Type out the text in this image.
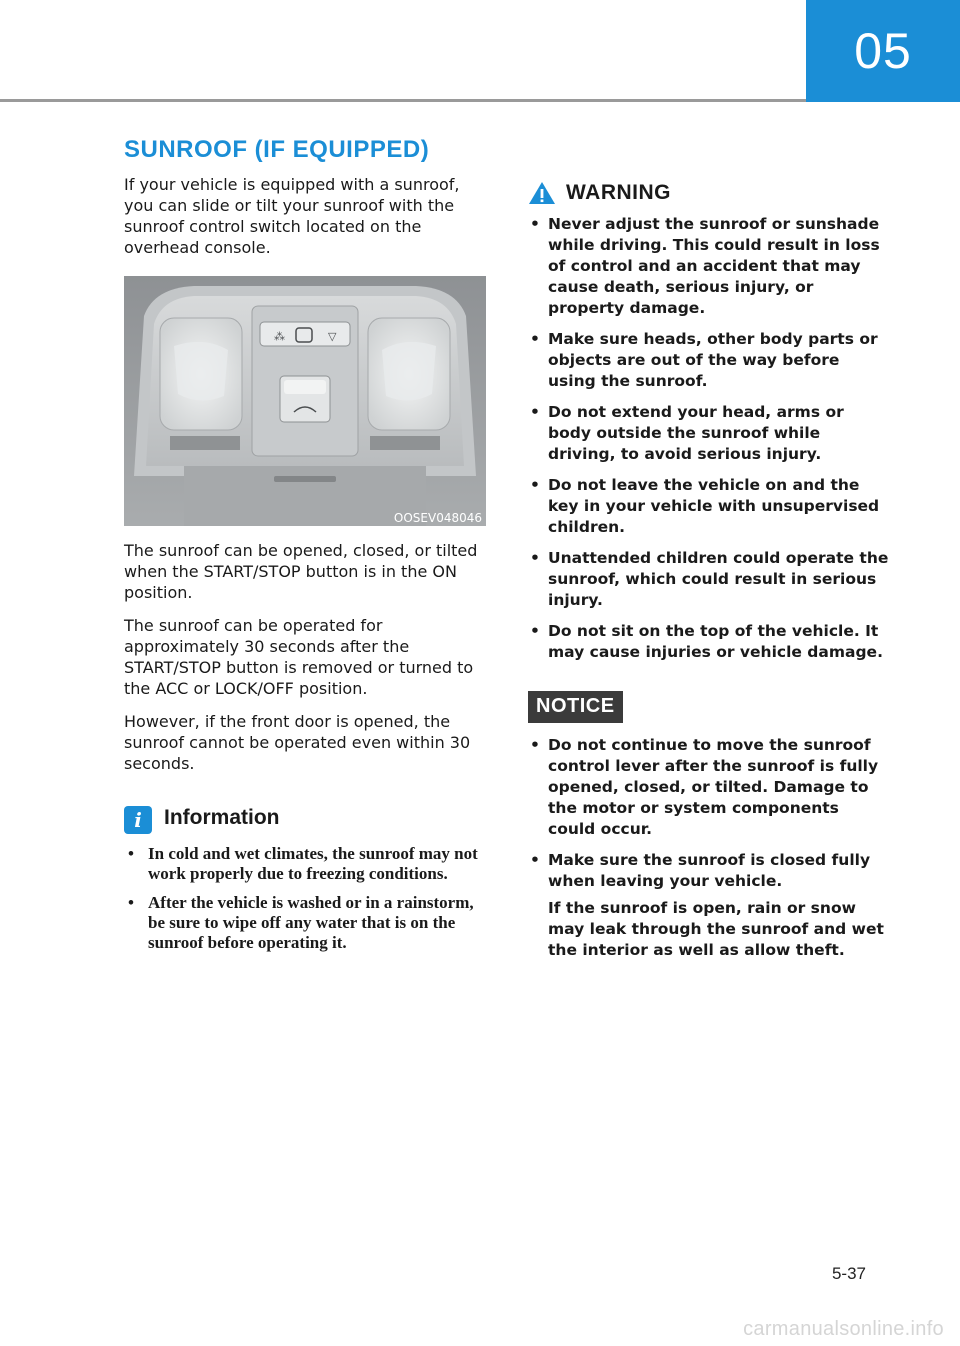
05
SUNROOF (IF EQUIPPED)

If your vehicle is equipped with a sunroof, you can slide or tilt your sunroof with the sunroof control switch located on the overhead console.

⁂	▽
OOSEV048046

The sunroof can be opened, closed, or tilted when the START/STOP button is in the ON position.

The sunroof can be operated for approximately 30 seconds after the START/STOP button is removed or turned to the ACC or LOCK/OFF position.

However, if the front door is opened, the sunroof cannot be operated even within 30 seconds.

i	Information
• In cold and wet climates, the sunroof may not work properly due to freezing conditions.
• After the vehicle is washed or in a rainstorm, be sure to wipe off any water that is on the sunroof before operating it.
WARNING
• Never adjust the sunroof or sunshade while driving. This could result in loss of control and an accident that may cause death, serious injury, or property damage.
• Make sure heads, other body parts or objects are out of the way before using the sunroof.
• Do not extend your head, arms or body outside the sunroof while driving, to avoid serious injury.
• Do not leave the vehicle on and the key in your vehicle with unsupervised children.
• Unattended children could operate the sunroof, which could result in serious injury.
• Do not sit on the top of the vehicle. It may cause injuries or vehicle damage.
NOTICE
• Do not continue to move the sunroof control lever after the sunroof is fully opened, closed, or tilted. Damage to the motor or system components could occur.
• Make sure the sunroof is closed fully when leaving your vehicle.
If the sunroof is open, rain or snow may leak through the sunroof and wet the interior as well as allow theft.
5-37
carmanualsonline.info
